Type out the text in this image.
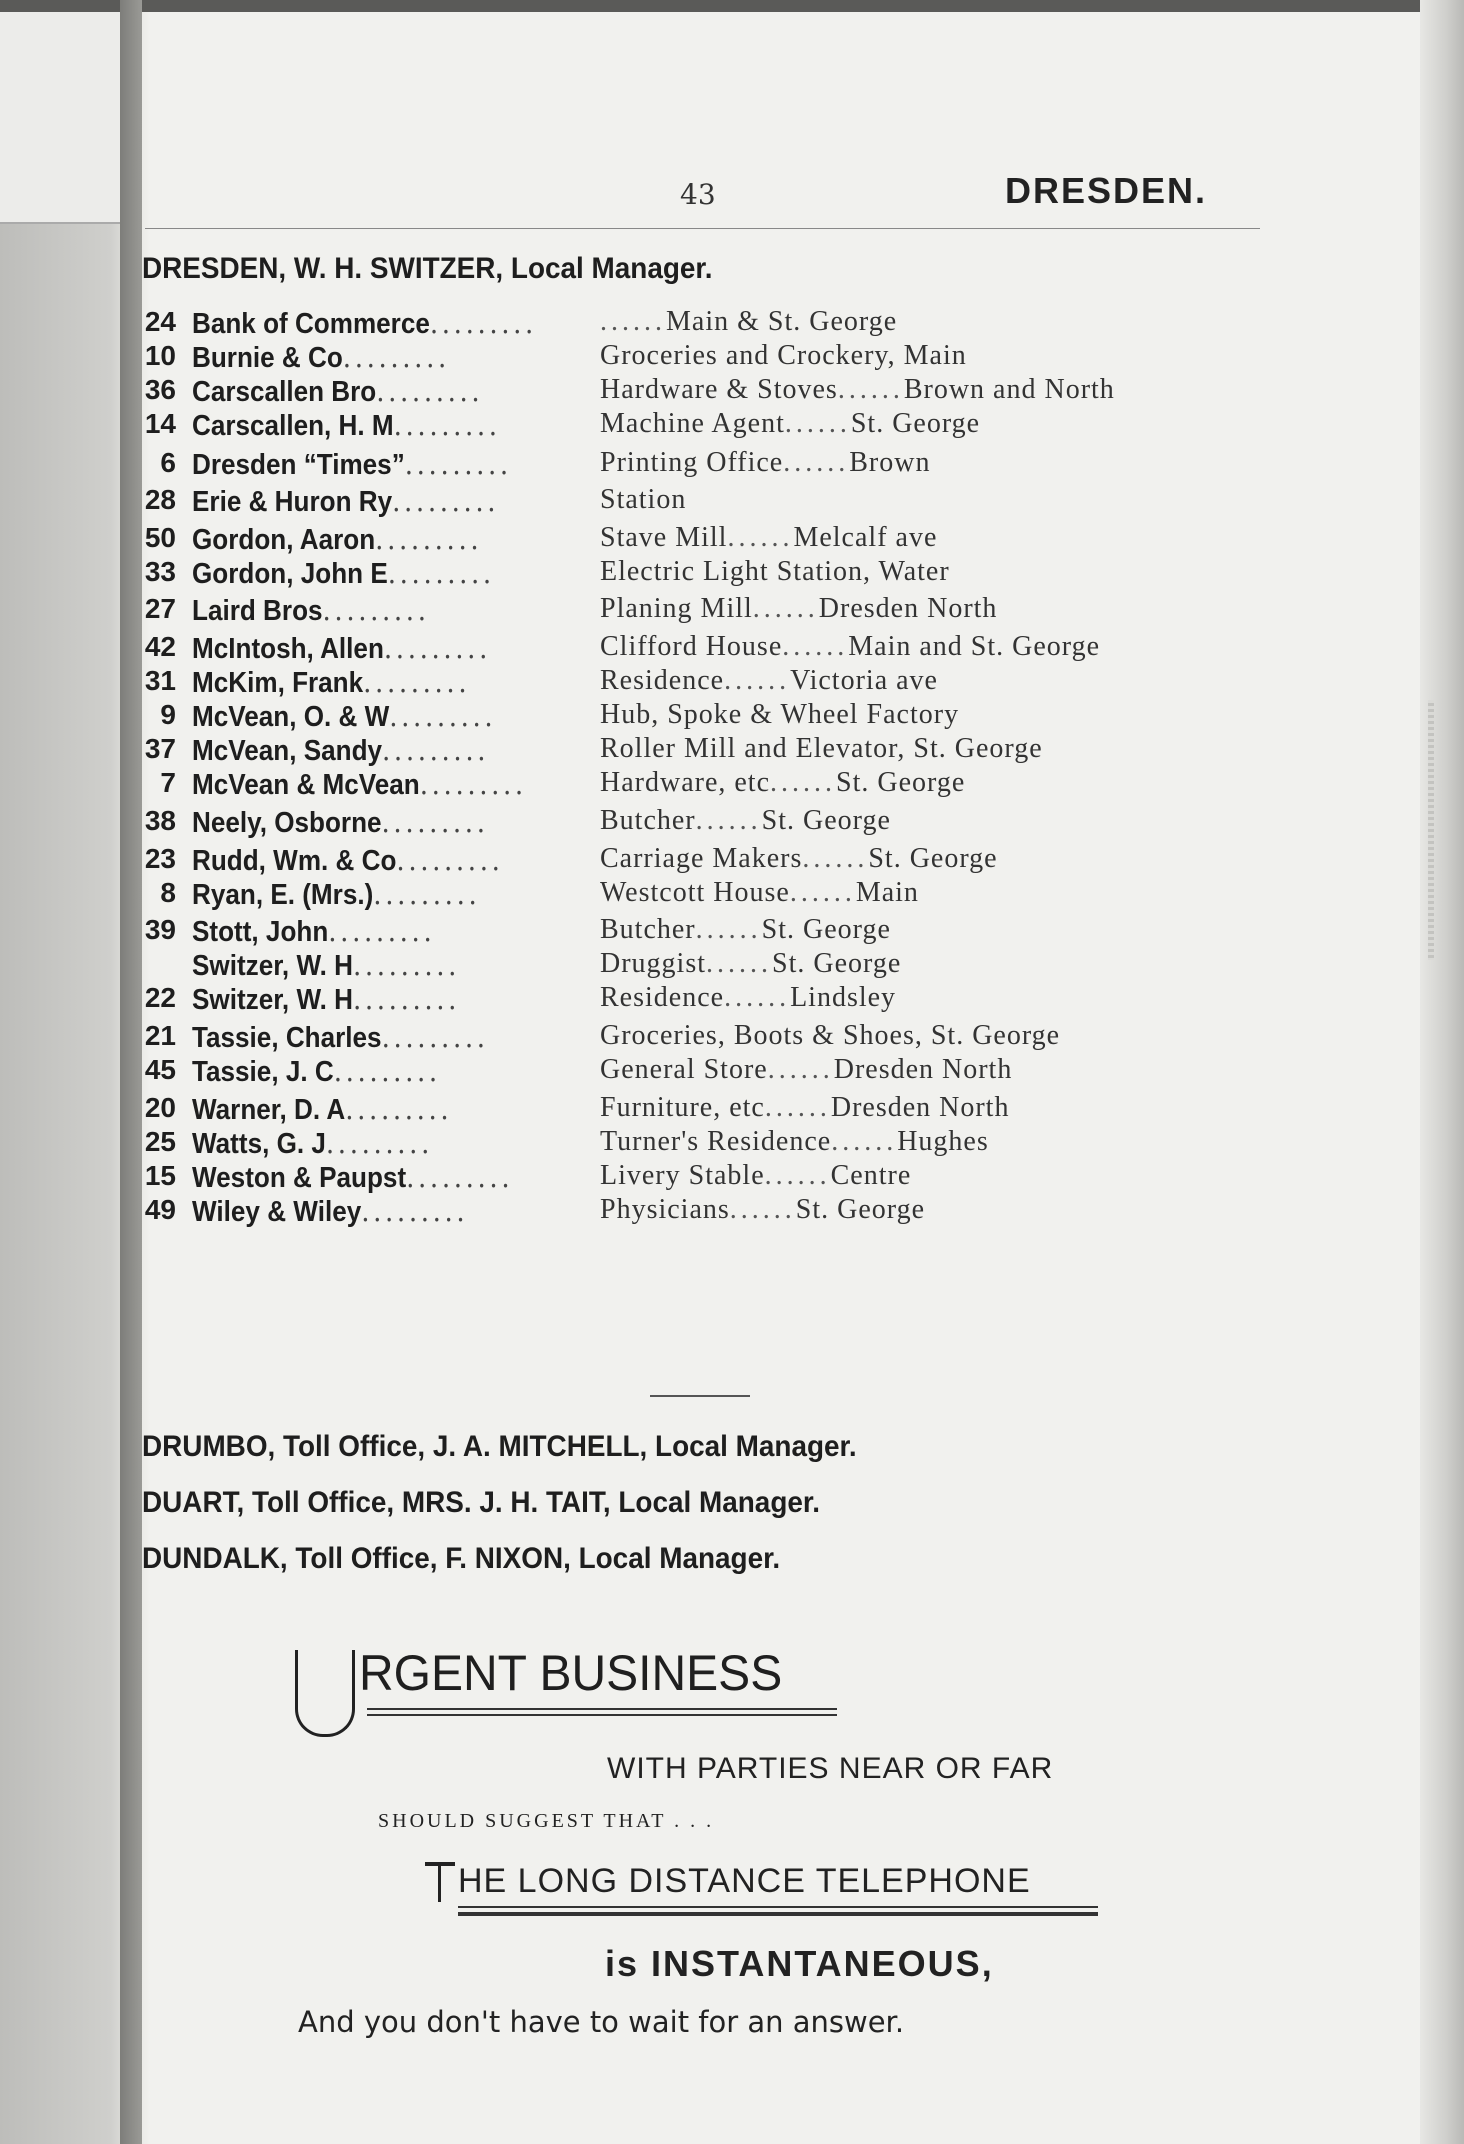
43	DRESDEN.
DRESDEN, W. H. SWITZER, Local Manager.
24 Bank of Commerce......... ......Main & St. George
10 Burnie & Co.........	Groceries and Crockery, Main
36 Carscallen Bro.........	Hardware & Stoves......Brown and North
14 Carscallen, H. M.........	Machine Agent......St. George
6 Dresden “Times”.........	Printing Office......Brown
28 Erie & Huron Ry.........	Station
50 Gordon, Aaron.........	Stave Mill......Melcalf ave
33 Gordon, John E.........	Electric Light Station, Water
27 Laird Bros.........	Planing Mill......Dresden North
42 McIntosh, Allen.........	Clifford House......Main and St. George
31 McKim, Frank.........	Residence......Victoria ave
9 McVean, O. & W.........	Hub, Spoke & Wheel Factory
37 McVean, Sandy.........	Roller Mill and Elevator, St. George
7 McVean & McVean.........	Hardware, etc......St. George
38 Neely, Osborne.........	Butcher......St. George
23 Rudd, Wm. & Co.........	Carriage Makers......St. George
8 Ryan, E. (Mrs.).........	Westcott House......Main
39 Stott, John.........	Butcher......St. George
Switzer, W. H.........	Druggist......St. George
22 Switzer, W. H.........	Residence......Lindsley
21 Tassie, Charles.........	Groceries, Boots & Shoes, St. George
45 Tassie, J. C.........	General Store......Dresden North
20 Warner, D. A.........	Furniture, etc......Dresden North
25 Watts, G. J.........	Turner's Residence......Hughes
15 Weston & Paupst.........	Livery Stable......Centre
49 Wiley & Wiley.........	Physicians......St. George
DRUMBO, Toll Office, J. A. MITCHELL, Local Manager.
DUART, Toll Office, MRS. J. H. TAIT, Local Manager.
DUNDALK, Toll Office, F. NIXON, Local Manager.
RGENT BUSINESS
WITH PARTIES NEAR OR FAR
SHOULD SUGGEST THAT . . .
HE LONG DISTANCE TELEPHONE
is INSTANTANEOUS,
And you don't have to wait for an answer.
